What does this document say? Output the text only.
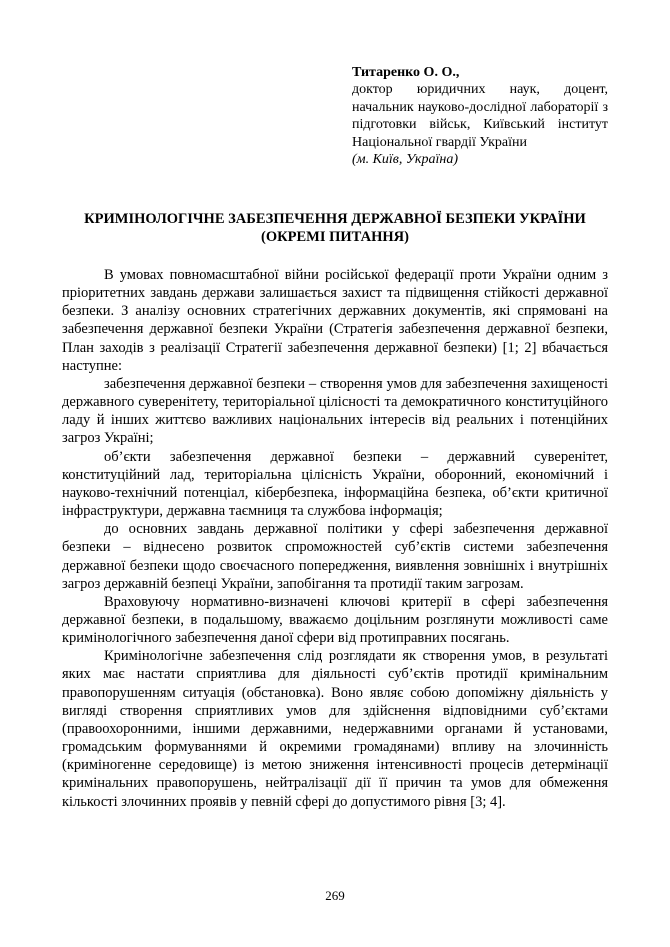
Титаренко О. О.,
доктор юридичних наук, доцент, начальник науково-дослідної лабораторії з підготовки військ, Київський інститут Національної гвардії України
(м. Київ, Україна)
КРИМІНОЛОГІЧНЕ ЗАБЕЗПЕЧЕННЯ ДЕРЖАВНОЇ БЕЗПЕКИ УКРАЇНИ (ОКРЕМІ ПИТАННЯ)

В умовах повномасштабної війни російської федерації проти України одним з пріоритетних завдань держави залишається захист та підвищення стійкості державної безпеки. З аналізу основних стратегічних державних документів, які спрямовані на забезпечення державної безпеки України (Стратегія забезпечення державної безпеки, План заходів з реалізації Стратегії забезпечення державної безпеки) [1; 2] вбачається наступне:

забезпечення державної безпеки – створення умов для забезпечення захищеності державного суверенітету, територіальної цілісності та демократичного конституційного ладу й інших життєво важливих національних інтересів від реальних і потенційних загроз Україні;

об’єкти забезпечення державної безпеки – державний суверенітет, конституційний лад, територіальна цілісність України, оборонний, економічний і науково-технічний потенціал, кібербезпека, інформаційна безпека, об’єкти критичної інфраструктури, державна таємниця та службова інформація;

до основних завдань державної політики у сфері забезпечення державної безпеки – віднесено розвиток спроможностей суб’єктів системи забезпечення державної безпеки щодо своєчасного попередження, виявлення зовнішніх і внутрішніх загроз державній безпеці України, запобігання та протидії таким загрозам.

Враховуючу нормативно-визначені ключові критерії в сфері забезпечення державної безпеки, в подальшому, вважаємо доцільним розглянути можливості саме кримінологічного забезпечення даної сфери від протиправних посягань.

Кримінологічне забезпечення слід розглядати як створення умов, в результаті яких має настати сприятлива для діяльності суб’єктів протидії кримінальним правопорушенням ситуація (обстановка). Воно являє собою допоміжну діяльність у вигляді створення сприятливих умов для здійснення відповідними суб’єктами (правоохоронними, іншими державними, недержавними органами й установами, громадським формуваннями й окремими громадянами) впливу на злочинність (криміногенне середовище) із метою зниження інтенсивності процесів детермінації кримінальних правопорушень, нейтралізації дії її причин та умов для обмеження кількості злочинних проявів у певній сфері до допустимого рівня [3; 4].

269
